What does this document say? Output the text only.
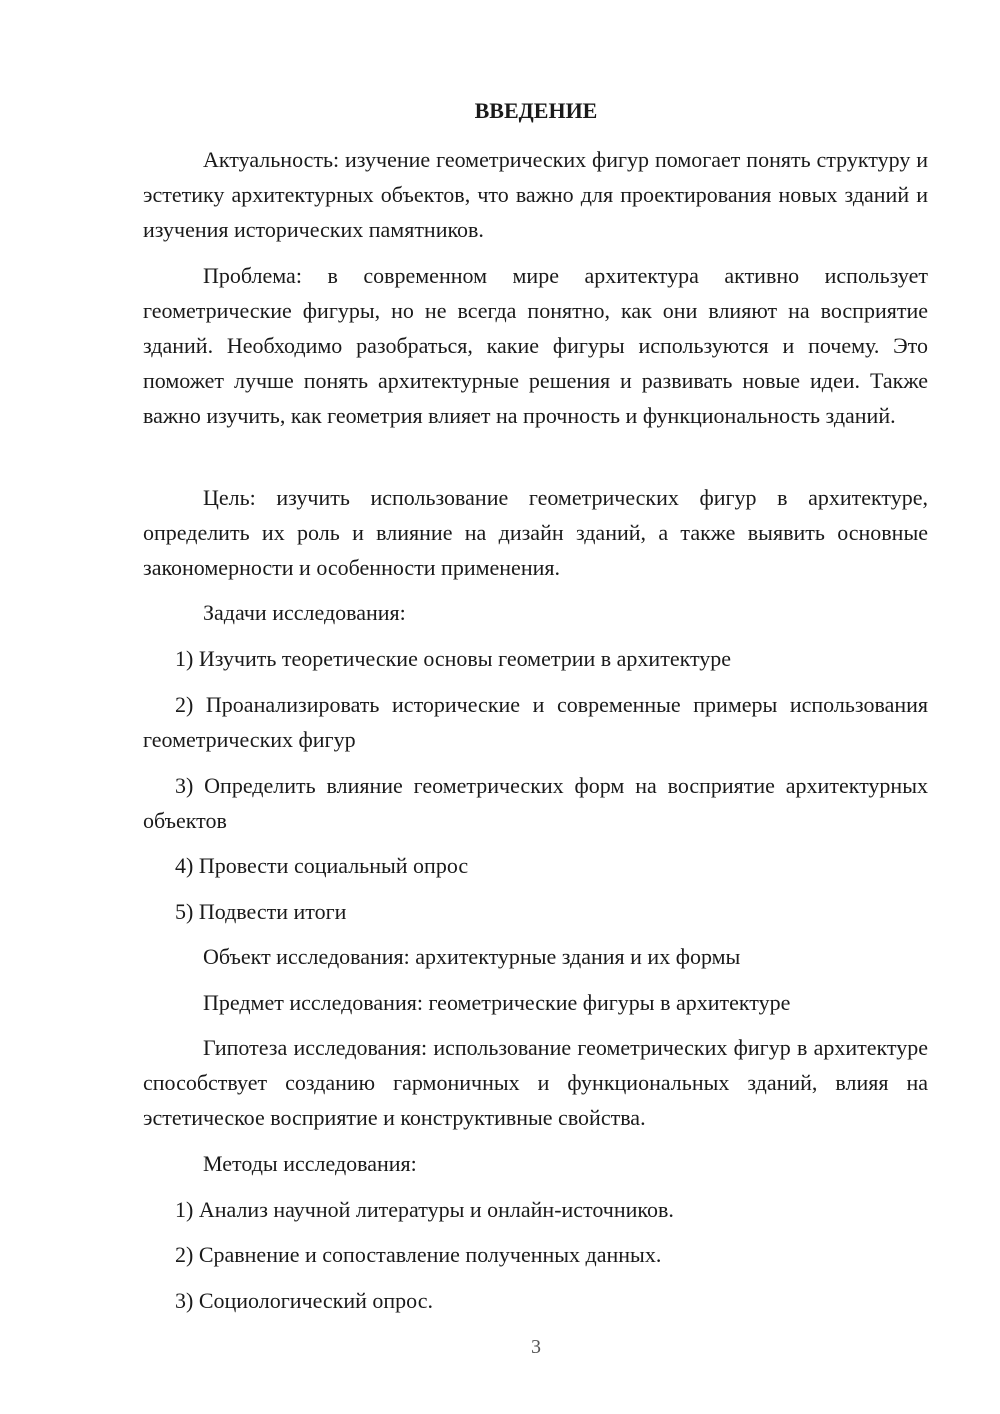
ВВЕДЕНИЕ

Актуальность: изучение геометрических фигур помогает понять структуру и эстетику архитектурных объектов, что важно для проектирования новых зданий и изучения исторических памятников.

Проблема: в современном мире архитектура активно использует геометрические фигуры, но не всегда понятно, как они влияют на восприятие зданий. Необходимо разобраться, какие фигуры используются и почему. Это поможет лучше понять архитектурные решения и развивать новые идеи. Также важно изучить, как геометрия влияет на прочность и функциональность зданий.

Цель: изучить использование геометрических фигур в архитектуре, определить их роль и влияние на дизайн зданий, а также выявить основные закономерности и особенности применения.

Задачи исследования:

1) Изучить теоретические основы геометрии в архитектуре

2) Проанализировать исторические и современные примеры использования геометрических фигур

3) Определить влияние геометрических форм на восприятие архитектурных объектов

4) Провести социальный опрос

5) Подвести итоги

Объект исследования: архитектурные здания и их формы

Предмет исследования: геометрические фигуры в архитектуре

Гипотеза исследования: использование геометрических фигур в архитектуре способствует созданию гармоничных и функциональных зданий, влияя на эстетическое восприятие и конструктивные свойства.

Методы исследования:

1) Анализ научной литературы и онлайн-источников.

2) Сравнение и сопоставление полученных данных.

3) Социологический опрос.

3
